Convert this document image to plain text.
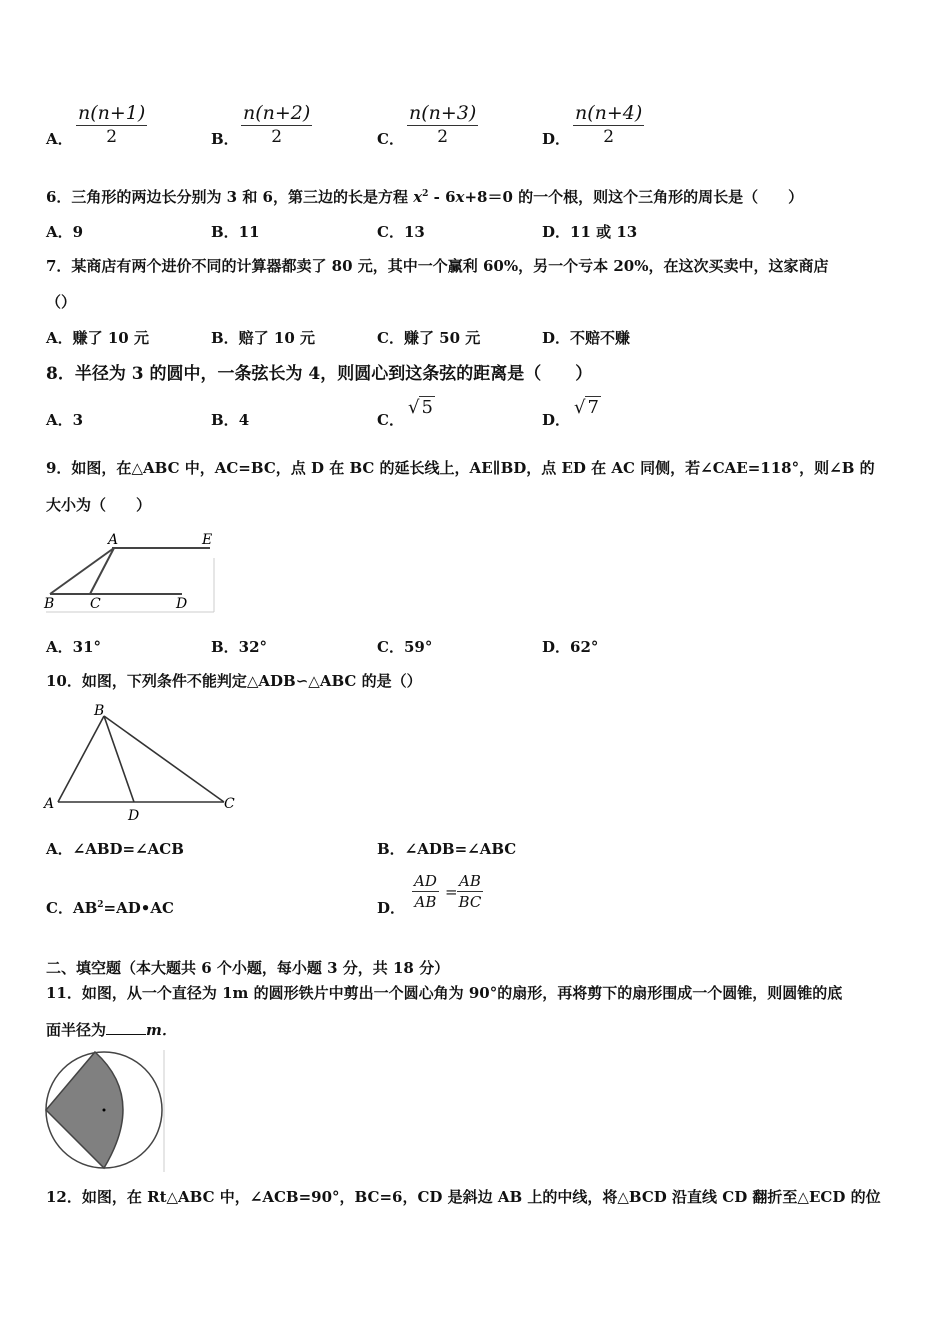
A．
n(n+1)
2	B．
n(n+2)
2	C．
n(n+3)
2	D．
n(n+4)
2
6．三角形的两边长分别为 3 和 6，第三边的长是方程 $x^2 - 6x+8=0$ 的一个根，则这个三角形的周长是（　　）
A．9	B．11	C．13	D．11 或 13
7．某商店有两个进价不同的计算器都卖了 80 元，其中一个赢利 60%，另一个亏本 20%，在这次买卖中，这家商店
（）
A．赚了 10 元	B．赔了 10 元	C．赚了 50 元	D．不赔不赚
8．半径为 3 的圆中，一条弦长为 4，则圆心到这条弦的距离是（　　）
A．3	B．4	C．
√ 5
D．
√ 7
9．如图，在△ABC 中，AC=BC，点 D 在 BC 的延长线上，AE∥BD，点 ED 在 AC 同侧，若∠CAE=118°，则∠B 的
大小为（　　）
A	E
B	C	D
A．31°	B．32°	C．59°	D．62°
10．如图，下列条件不能判定△ADB∽△ABC 的是（）
B
A
D
C
A．∠ABD=∠ACB	B．∠ADB=∠ABC
C．$AB^2=AD•AC$	D．
AD
AB
=
AB
BC
二、填空题（本大题共 6 个小题，每小题 3 分，共 18 分）
11．如图，从一个直径为 1m 的圆形铁片中剪出一个圆心角为 90°的扇形，再将剪下的扇形围成一个圆锥，则圆锥的底
面半径为	m．
12．如图，在 Rt△ABC 中，∠ACB=90°，BC=6，CD 是斜边 AB 上的中线，将△BCD 沿直线 CD 翻折至△ECD 的位
